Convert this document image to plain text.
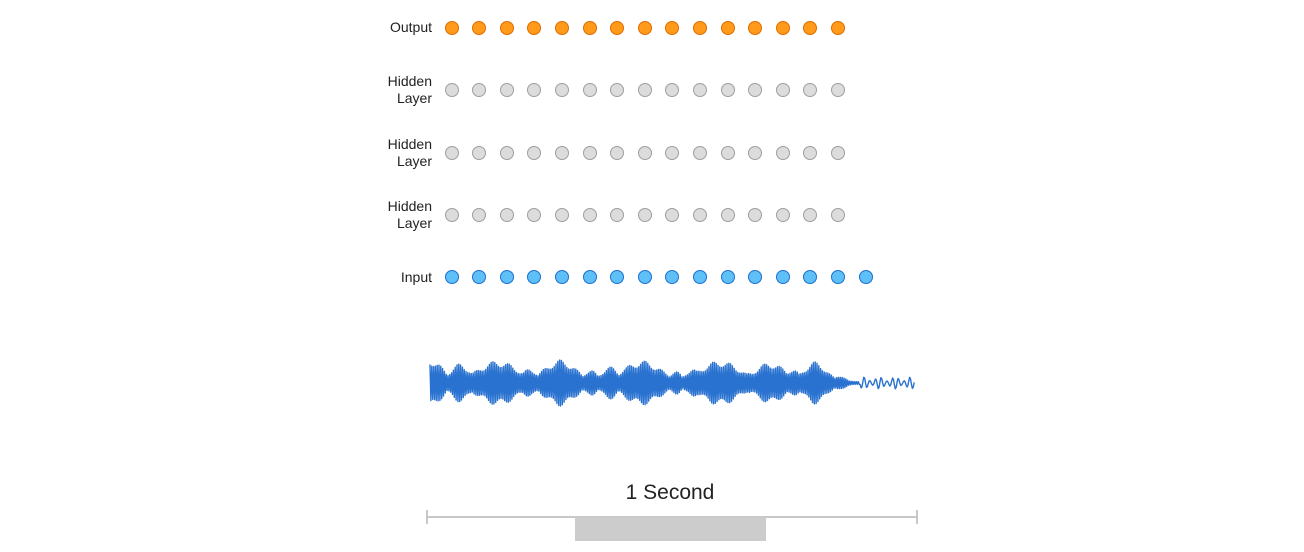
Output
Hidden Layer
Hidden Layer
Hidden Layer
Input
1 Second
